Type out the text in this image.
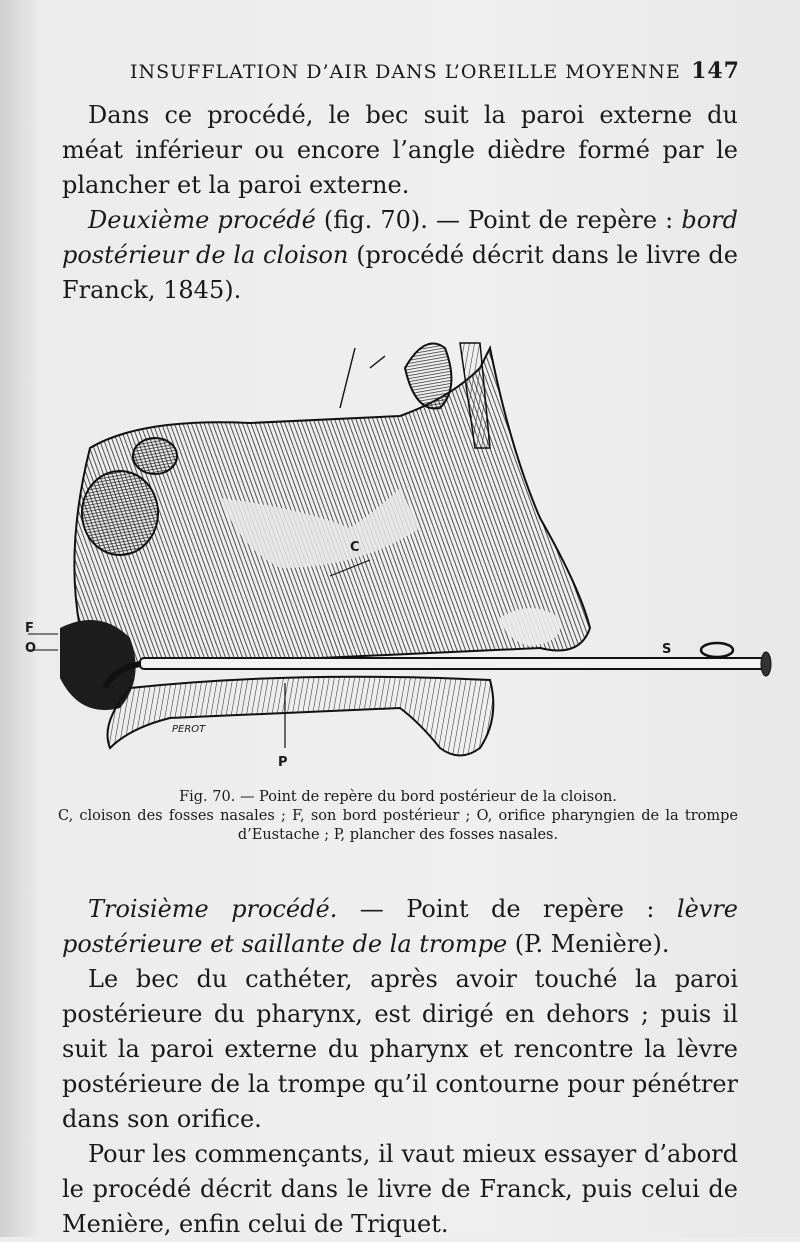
INSUFFLATION D’AIR DANS L’OREILLE MOYENNE 147
Dans ce procédé, le bec suit la paroi externe du méat inférieur ou encore l’angle dièdre formé par le plancher et la paroi externe.
Deuxième procédé (fig. 70). — Point de repère : bord postérieur de la cloison (procédé décrit dans le livre de Franck, 1845).
C
F
O	S
P
PEROT
Fig. 70. — Point de repère du bord postérieur de la cloison.
C, cloison des fosses nasales ; F, son bord postérieur ; O, orifice pharyngien de la trompe d’Eustache ; P, plancher des fosses nasales.
Troisième procédé. — Point de repère : lèvre postérieure et saillante de la trompe (P. Menière).
Le bec du cathéter, après avoir touché la paroi postérieure du pharynx, est dirigé en dehors ; puis il suit la paroi externe du pharynx et rencontre la lèvre postérieure de la trompe qu’il contourne pour pénétrer dans son orifice.
Pour les commençants, il vaut mieux essayer d’abord le procédé décrit dans le livre de Franck, puis celui de Menière, enfin celui de Triquet.
